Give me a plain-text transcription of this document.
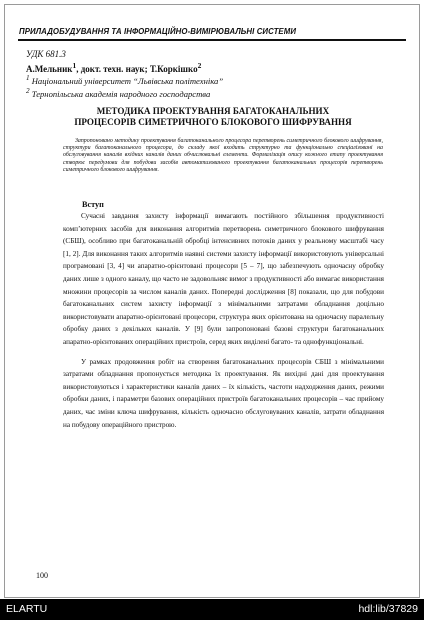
ПРИЛАДОБУДУВАННЯ ТА ІНФОРМАЦІЙНО-ВИМІРЮВАЛЬНІ СИСТЕМИ
УДК 681.3
А.Мельник$^1$, докт. техн. наук; Т.Коркішко$^2$
$^1$ Національний університет “Львівська політехніка”
$^2$ Тернопільська академія народного господарства
МЕТОДИКА ПРОЕКТУВАННЯ БАГАТОКАНАЛЬНИХ
ПРОЦЕСОРІВ СИМЕТРИЧНОГО БЛОКОВОГО ШИФРУВАННЯ
Запропоновано методику проектування багатоканального процесора перетворень симетричного блокового шифрування, структури багатоканального процесора, до складу якої входить структурно та функціонально спеціалізовані на обслуговування каналів вхідних каналів даних обчислювальні елементи. Формалізація опису кожного етапу проектування створює передумови для побудови засобів автоматизованого проектування багатоканальних процесорів перетворень симетричного блокового шифрування.
Вступ

Сучасні завдання захисту інформації вимагають постійного збільшення продуктивності комп’ютерних засобів для виконання алгоритмів перетворень симетричного блокового шифрування (СБШ), особливо при багатоканальній обробці інтенсивних потоків даних у реальному масштабі часу [1, 2]. Для виконання таких алгоритмів наявні системи захисту інформації використовують універсальні програмовані [3, 4] чи апаратно-орієнтовані процесори [5 – 7], що забезпечують одночасну обробку даних лише з одного каналу, що часто не задовольняє вимог з продуктивності або вимагає використання множини процесорів за числом каналів даних. Попередні дослідження [8] показали, що для побудови багатоканальних систем захисту інформації з мінімальними затратами обладнання доцільно використовувати апаратно-орієнтовані процесори, структура яких орієнтована на одночасну паралельну обробку даних з декількох каналів. У [9] були запропоновані базові структури багатоканальних апаратно-орієнтованих операційних пристроїв, серед яких виділені багато- та однофункціональні.

У рамках продовження робіт на створення багатоканальних процесорів СБШ з мінімальними затратами обладнання пропонується методика їх проектування. Як вихідні дані для проектування використовуються і характеристики каналів даних – їх кількість, частоти надходження даних, режими обробки даних, і параметри базових операційних пристроїв багатоканальних процесорів – час прийому даних, час зміни ключа шифрування, кількість одночасно обслуговуваних каналів, затрати обладнання на побудову операційного пристрою.

100
ELARTU	hdl:lib/37829
